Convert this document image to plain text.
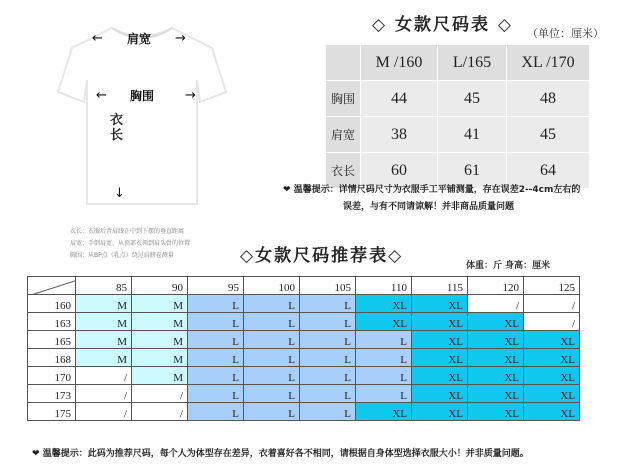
← 肩宽 →
← 胸围 →
衣
长
↓
◇ 女款尺码表 ◇ （单位：厘米）
	M /160	L/165	XL /170
胸围	44	45	48
肩宽	38	41	45
衣长	60	61	64
❤ 温馨提示：详情尺码尺寸为衣服手工平铺测量，存在误差2--4cm左右的
误差，与有不同请谅解！并非商品质量问题
衣长：衣服后背肩线正中到下摆的垂直距离
肩宽：手倒肩宽，从顶部衣领到肩头骨的位置
胸围：从BP点（乳点）绕过肩膀卷测量	◇女款尺码推荐表◇	体重：斤 身高：厘米
	85	90	95	100	105	110	115	120	125
160	M	M	L	L	L	XL	XL	/	/
163	M	M	L	L	L	XL	XL	XL	/
165	M	M	L	L	L	L	XL	XL	XL
168	M	M	L	L	L	L	XL	XL	XL
170	/	M	L	L	L	L	XL	XL	XL
173	/	/	L	L	L	L	XL	XL	XL
175	/	/	L	L	L	XL	XL	XL	XL
❤ 温馨提示：此码为推荐尺码，每个人为体型存在差异，衣着喜好各不相同，请根据自身体型选择衣服大小！并非质量问题。
